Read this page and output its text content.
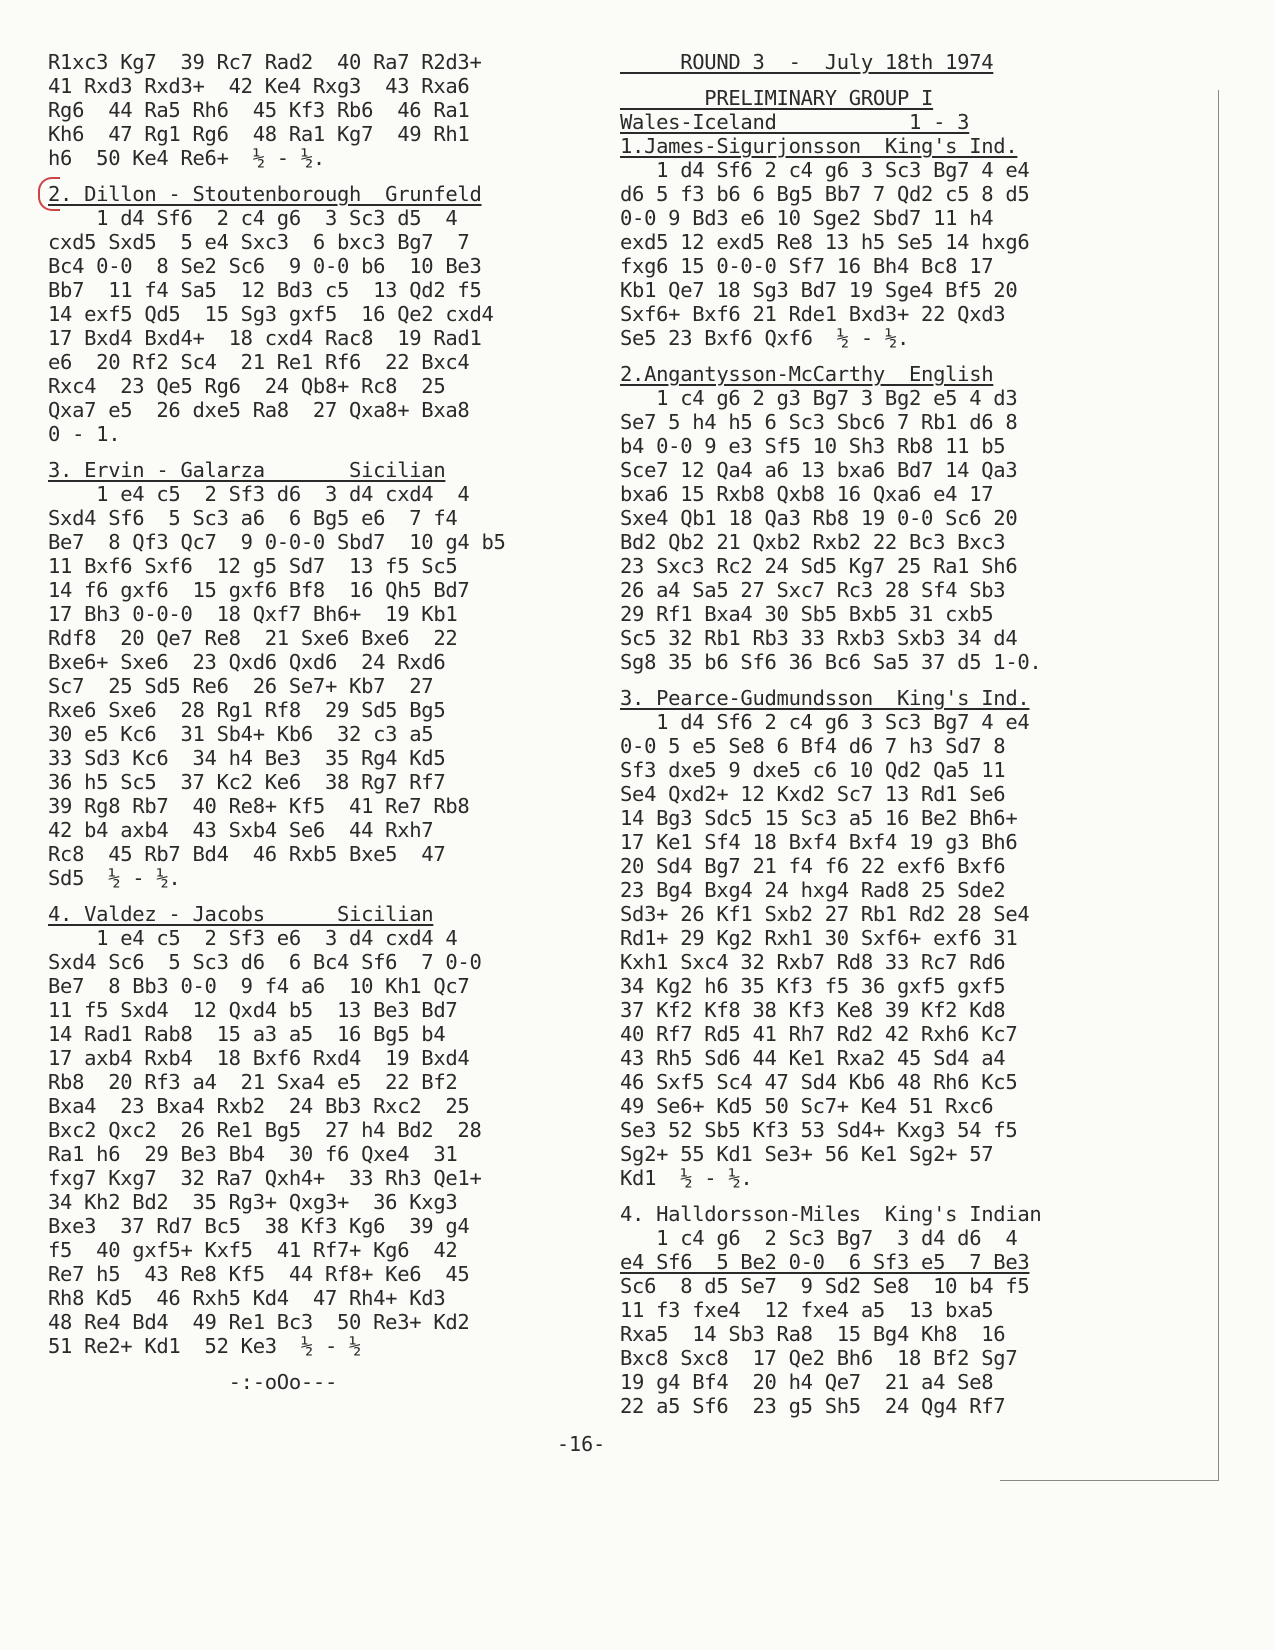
R1xc3 Kg7  39 Rc7 Rad2  40 Ra7 R2d3+
41 Rxd3 Rxd3+  42 Ke4 Rxg3  43 Rxa6
Rg6  44 Ra5 Rh6  45 Kf3 Rb6  46 Ra1
Kh6  47 Rg1 Rg6  48 Ra1 Kg7  49 Rh1
h6  50 Ke4 Re6+  ½ - ½.
2. Dillon - Stoutenborough  Grunfeld
1 d4 Sf6  2 c4 g6  3 Sc3 d5  4
cxd5 Sxd5  5 e4 Sxc3  6 bxc3 Bg7  7
Bc4 0-0  8 Se2 Sc6  9 0-0 b6  10 Be3
Bb7  11 f4 Sa5  12 Bd3 c5  13 Qd2 f5
14 exf5 Qd5  15 Sg3 gxf5  16 Qe2 cxd4
17 Bxd4 Bxd4+  18 cxd4 Rac8  19 Rad1
e6  20 Rf2 Sc4  21 Re1 Rf6  22 Bxc4
Rxc4  23 Qe5 Rg6  24 Qb8+ Rc8  25
Qxa7 e5  26 dxe5 Ra8  27 Qxa8+ Bxa8
0 - 1.
3. Ervin - Galarza       Sicilian
1 e4 c5  2 Sf3 d6  3 d4 cxd4  4
Sxd4 Sf6  5 Sc3 a6  6 Bg5 e6  7 f4
Be7  8 Qf3 Qc7  9 0-0-0 Sbd7  10 g4 b5
11 Bxf6 Sxf6  12 g5 Sd7  13 f5 Sc5
14 f6 gxf6  15 gxf6 Bf8  16 Qh5 Bd7
17 Bh3 0-0-0  18 Qxf7 Bh6+  19 Kb1
Rdf8  20 Qe7 Re8  21 Sxe6 Bxe6  22
Bxe6+ Sxe6  23 Qxd6 Qxd6  24 Rxd6
Sc7  25 Sd5 Re6  26 Se7+ Kb7  27
Rxe6 Sxe6  28 Rg1 Rf8  29 Sd5 Bg5
30 e5 Kc6  31 Sb4+ Kb6  32 c3 a5
33 Sd3 Kc6  34 h4 Be3  35 Rg4 Kd5
36 h5 Sc5  37 Kc2 Ke6  38 Rg7 Rf7
39 Rg8 Rb7  40 Re8+ Kf5  41 Re7 Rb8
42 b4 axb4  43 Sxb4 Se6  44 Rxh7
Rc8  45 Rb7 Bd4  46 Rxb5 Bxe5  47
Sd5  ½ - ½.
4. Valdez - Jacobs      Sicilian
1 e4 c5  2 Sf3 e6  3 d4 cxd4 4
Sxd4 Sc6  5 Sc3 d6  6 Bc4 Sf6  7 0-0
Be7  8 Bb3 0-0  9 f4 a6  10 Kh1 Qc7
11 f5 Sxd4  12 Qxd4 b5  13 Be3 Bd7
14 Rad1 Rab8  15 a3 a5  16 Bg5 b4
17 axb4 Rxb4  18 Bxf6 Rxd4  19 Bxd4
Rb8  20 Rf3 a4  21 Sxa4 e5  22 Bf2
Bxa4  23 Bxa4 Rxb2  24 Bb3 Rxc2  25
Bxc2 Qxc2  26 Re1 Bg5  27 h4 Bd2  28
Ra1 h6  29 Be3 Bb4  30 f6 Qxe4  31
fxg7 Kxg7  32 Ra7 Qxh4+  33 Rh3 Qe1+
34 Kh2 Bd2  35 Rg3+ Qxg3+  36 Kxg3
Bxe3  37 Rd7 Bc5  38 Kf3 Kg6  39 g4
f5  40 gxf5+ Kxf5  41 Rf7+ Kg6  42
Re7 h5  43 Re8 Kf5  44 Rf8+ Ke6  45
Rh8 Kd5  46 Rxh5 Kd4  47 Rh4+ Kd3
48 Re4 Bd4  49 Re1 Bc3  50 Re3+ Kd2
51 Re2+ Kd1  52 Ke3  ½ - ½
-:-oOo---
ROUND 3  -  July 18th 1974
PRELIMINARY GROUP I
Wales-Iceland           1 - 3
1.James-Sigurjonsson  King's Ind.
1 d4 Sf6 2 c4 g6 3 Sc3 Bg7 4 e4
d6 5 f3 b6 6 Bg5 Bb7 7 Qd2 c5 8 d5
0-0 9 Bd3 e6 10 Sge2 Sbd7 11 h4
exd5 12 exd5 Re8 13 h5 Se5 14 hxg6
fxg6 15 0-0-0 Sf7 16 Bh4 Bc8 17
Kb1 Qe7 18 Sg3 Bd7 19 Sge4 Bf5 20
Sxf6+ Bxf6 21 Rde1 Bxd3+ 22 Qxd3
Se5 23 Bxf6 Qxf6  ½ - ½.
2.Angantysson-McCarthy  English
1 c4 g6 2 g3 Bg7 3 Bg2 e5 4 d3
Se7 5 h4 h5 6 Sc3 Sbc6 7 Rb1 d6 8
b4 0-0 9 e3 Sf5 10 Sh3 Rb8 11 b5
Sce7 12 Qa4 a6 13 bxa6 Bd7 14 Qa3
bxa6 15 Rxb8 Qxb8 16 Qxa6 e4 17
Sxe4 Qb1 18 Qa3 Rb8 19 0-0 Sc6 20
Bd2 Qb2 21 Qxb2 Rxb2 22 Bc3 Bxc3
23 Sxc3 Rc2 24 Sd5 Kg7 25 Ra1 Sh6
26 a4 Sa5 27 Sxc7 Rc3 28 Sf4 Sb3
29 Rf1 Bxa4 30 Sb5 Bxb5 31 cxb5
Sc5 32 Rb1 Rb3 33 Rxb3 Sxb3 34 d4
Sg8 35 b6 Sf6 36 Bc6 Sa5 37 d5 1-0.
3. Pearce-Gudmundsson  King's Ind.
1 d4 Sf6 2 c4 g6 3 Sc3 Bg7 4 e4
0-0 5 e5 Se8 6 Bf4 d6 7 h3 Sd7 8
Sf3 dxe5 9 dxe5 c6 10 Qd2 Qa5 11
Se4 Qxd2+ 12 Kxd2 Sc7 13 Rd1 Se6
14 Bg3 Sdc5 15 Sc3 a5 16 Be2 Bh6+
17 Ke1 Sf4 18 Bxf4 Bxf4 19 g3 Bh6
20 Sd4 Bg7 21 f4 f6 22 exf6 Bxf6
23 Bg4 Bxg4 24 hxg4 Rad8 25 Sde2
Sd3+ 26 Kf1 Sxb2 27 Rb1 Rd2 28 Se4
Rd1+ 29 Kg2 Rxh1 30 Sxf6+ exf6 31
Kxh1 Sxc4 32 Rxb7 Rd8 33 Rc7 Rd6
34 Kg2 h6 35 Kf3 f5 36 gxf5 gxf5
37 Kf2 Kf8 38 Kf3 Ke8 39 Kf2 Kd8
40 Rf7 Rd5 41 Rh7 Rd2 42 Rxh6 Kc7
43 Rh5 Sd6 44 Ke1 Rxa2 45 Sd4 a4
46 Sxf5 Sc4 47 Sd4 Kb6 48 Rh6 Kc5
49 Se6+ Kd5 50 Sc7+ Ke4 51 Rxc6
Se3 52 Sb5 Kf3 53 Sd4+ Kxg3 54 f5
Sg2+ 55 Kd1 Se3+ 56 Ke1 Sg2+ 57
Kd1  ½ - ½.
4. Halldorsson-Miles  King's Indian
1 c4 g6  2 Sc3 Bg7  3 d4 d6  4
e4 Sf6  5 Be2 0-0  6 Sf3 e5  7 Be3
Sc6  8 d5 Se7  9 Sd2 Se8  10 b4 f5
11 f3 fxe4  12 fxe4 a5  13 bxa5
Rxa5  14 Sb3 Ra8  15 Bg4 Kh8  16
Bxc8 Sxc8  17 Qe2 Bh6  18 Bf2 Sg7
19 g4 Bf4  20 h4 Qe7  21 a4 Se8
22 a5 Sf6  23 g5 Sh5  24 Qg4 Rf7
-16-
